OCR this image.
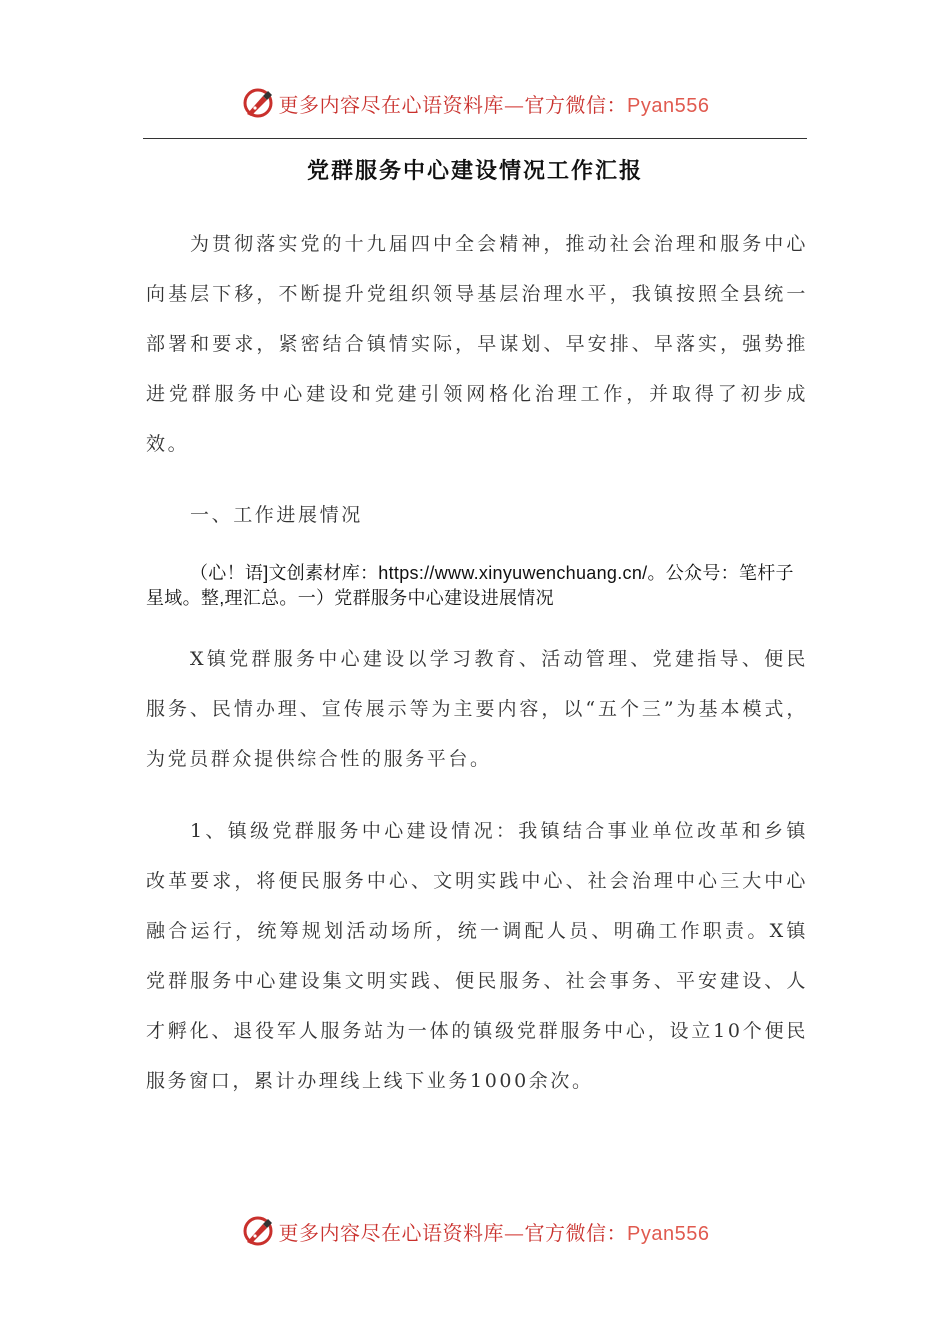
更多内容尽在心语资料库—官方微信：Pyan556
党群服务中心建设情况工作汇报

为贯彻落实党的十九届四中全会精神，推动社会治理和服务中心向基层下移，不断提升党组织领导基层治理水平，我镇按照全县统一部署和要求，紧密结合镇情实际，早谋划、早安排、早落实，强势推进党群服务中心建设和党建引领网格化治理工作，并取得了初步成效。

一、工作进展情况

（心！语]文创素材库：https://www.xinyuwenchuang.cn/。公众号：笔杆子星域。整,理汇总。一）党群服务中心建设进展情况

X镇党群服务中心建设以学习教育、活动管理、党建指导、便民服务、民情办理、宣传展示等为主要内容，以“五个三”为基本模式，为党员群众提供综合性的服务平台。

1、镇级党群服务中心建设情况：我镇结合事业单位改革和乡镇改革要求，将便民服务中心、文明实践中心、社会治理中心三大中心融合运行，统筹规划活动场所，统一调配人员、明确工作职责。X镇党群服务中心建设集文明实践、便民服务、社会事务、平安建设、人才孵化、退役军人服务站为一体的镇级党群服务中心，设立10个便民服务窗口，累计办理线上线下业务1000余次。

更多内容尽在心语资料库—官方微信：Pyan556
